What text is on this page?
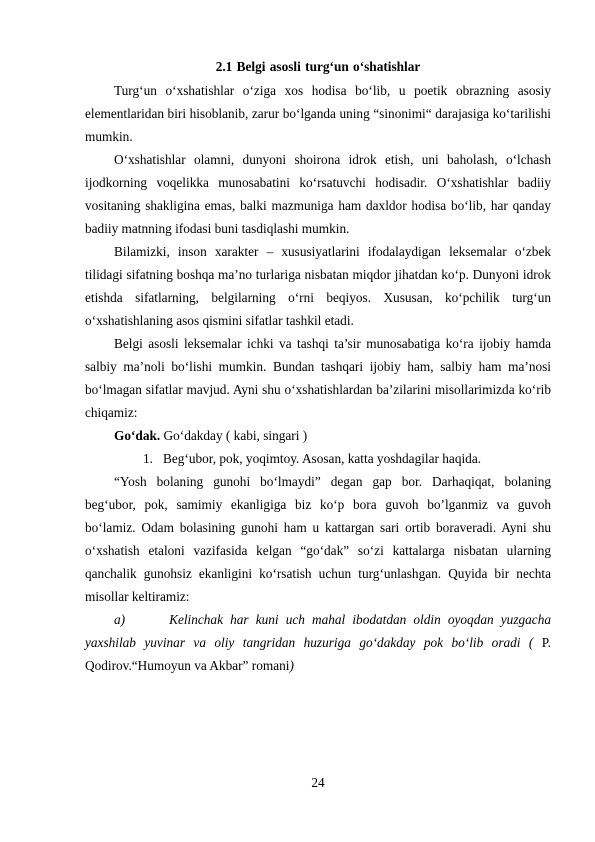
2.1 Belgi asosli turg‘un o‘shatishlar

Turg‘un o‘xshatishlar o‘ziga xos hodisa bo‘lib, u poetik obrazning asosiy elementlaridan biri hisoblanib, zarur bo‘lganda uning “sinonimi“ darajasiga ko‘tarilishi mumkin.

O‘xshatishlar olamni, dunyoni shoirona idrok etish, uni baholash, o‘lchash ijodkorning voqelikka munosabatini ko‘rsatuvchi hodisadir. O‘xshatishlar badiiy vositaning shakligina emas, balki mazmuniga ham daxldor hodisa bo‘lib, har qanday badiiy matnning ifodasi buni tasdiqlashi mumkin.

Bilamizki, inson xarakter – xususiyatlarini ifodalaydigan leksemalar o‘zbek tilidagi sifatning boshqa ma’no turlariga nisbatan miqdor jihatdan ko‘p. Dunyoni idrok etishda sifatlarning, belgilarning o‘rni beqiyos. Xususan, ko‘pchilik turg‘un o‘xshatishlaning asos qismini sifatlar tashkil etadi.

Belgi asosli leksemalar ichki va tashqi ta’sir munosabatiga ko‘ra ijobiy hamda salbiy ma’noli bo‘lishi mumkin. Bundan tashqari ijobiy ham, salbiy ham ma’nosi bo‘lmagan sifatlar mavjud. Ayni shu o‘xshatishlardan ba’zilarini misollarimizda ko‘rib chiqamiz:

Go‘dak. Go‘dakday ( kabi, singari )
1. Beg‘ubor, pok, yoqimtoy. Asosan, katta yoshdagilar haqida.

“Yosh bolaning gunohi bo‘lmaydi” degan gap bor. Darhaqiqat, bolaning beg‘ubor, pok, samimiy ekanligiga biz ko‘p bora guvoh bo’lganmiz va guvoh bo‘lamiz. Odam bolasining gunohi ham u kattargan sari ortib boraveradi. Ayni shu o‘xshatish etaloni vazifasida kelgan “go‘dak” so‘zi kattalarga nisbatan ularning qanchalik gunohsiz ekanligini ko‘rsatish uchun turg‘unlashgan. Quyida bir nechta misollar keltiramiz:

a)	Kelinchak har kuni uch mahal ibodatdan oldin oyoqdan yuzgacha yaxshilab yuvinar va oliy tangridan huzuriga go‘dakday pok bo‘lib oradi ( P. Qodirov.“Humoyun va Akbar” romani)

24
